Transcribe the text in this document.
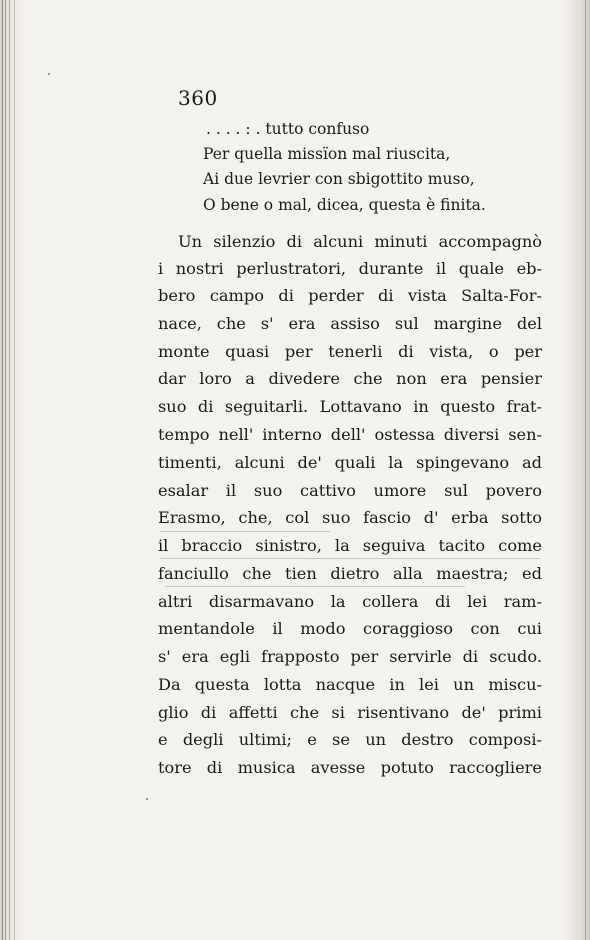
360
. . . . : . tutto confuso
Per quella missïon mal riuscita,
Ai due levrier con sbigottito muso,
O bene o mal, dicea, questa è finita.
Un silenzio di alcuni minuti accompagnò
i nostri perlustratori, durante il quale eb-
bero campo di perder di vista Salta-For-
nace, che s' era assiso sul margine del
monte quasi per tenerli di vista, o per
dar loro a divedere che non era pensier
suo di seguitarli. Lottavano in questo frat-
tempo nell' interno dell' ostessa diversi sen-
timenti, alcuni de' quali la spingevano ad
esalar il suo cattivo umore sul povero
Erasmo, che, col suo fascio d' erba sotto
il braccio sinistro, la seguiva tacito come
fanciullo che tien dietro alla maestra; ed
altri disarmavano la collera di lei ram-
mentandole il modo coraggioso con cui
s' era egli frapposto per servirle di scudo.
Da questa lotta nacque in lei un miscu-
glio di affetti che si risentivano de' primi
e degli ultimi; e se un destro composi-
tore di musica avesse potuto raccogliere
